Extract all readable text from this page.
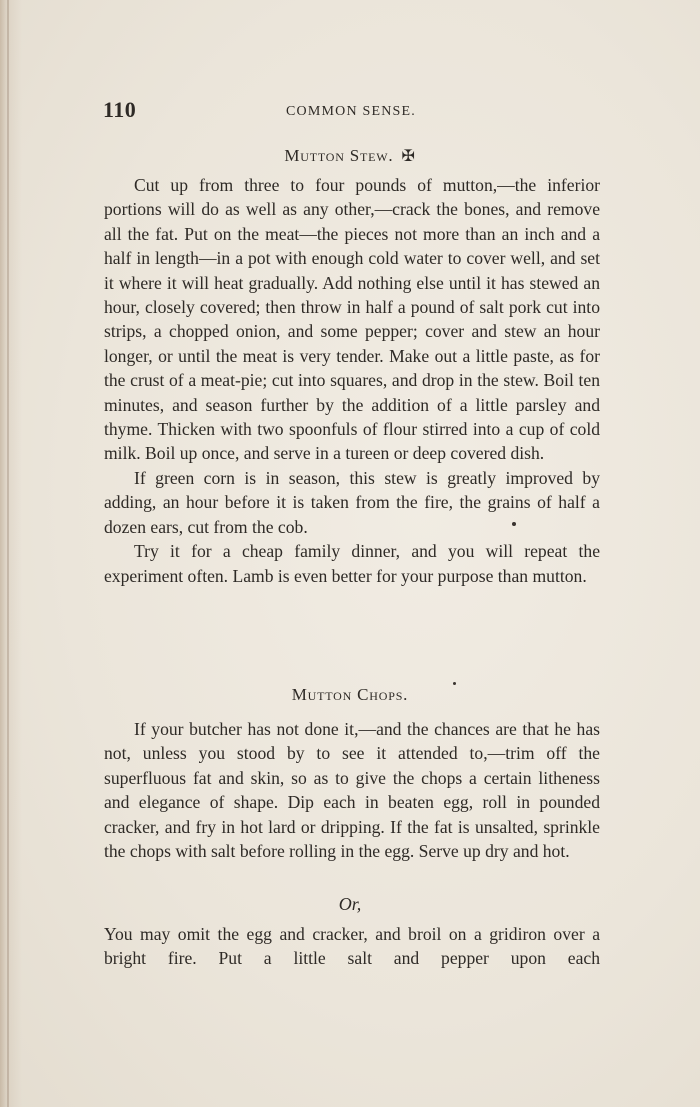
110	COMMON SENSE.
Mutton Stew. ✠

Cut up from three to four pounds of mutton,—the inferior portions will do as well as any other,—crack the bones, and remove all the fat. Put on the meat—the pieces not more than an inch and a half in length—in a pot with enough cold water to cover well, and set it where it will heat gradually. Add nothing else until it has stewed an hour, closely covered; then throw in half a pound of salt pork cut into strips, a chopped onion, and some pepper; cover and stew an hour longer, or until the meat is very tender. Make out a little paste, as for the crust of a meat-pie; cut into squares, and drop in the stew. Boil ten minutes, and season further by the addition of a little parsley and thyme. Thicken with two spoonfuls of flour stirred into a cup of cold milk. Boil up once, and serve in a tureen or deep covered dish.

If green corn is in season, this stew is greatly improved by adding, an hour before it is taken from the fire, the grains of half a dozen ears, cut from the cob.

Try it for a cheap family dinner, and you will repeat the experiment often. Lamb is even better for your purpose than mutton.

Mutton Chops.

If your butcher has not done it,—and the chances are that he has not, unless you stood by to see it attended to,—trim off the superfluous fat and skin, so as to give the chops a certain litheness and elegance of shape. Dip each in beaten egg, roll in pounded cracker, and fry in hot lard or dripping. If the fat is unsalted, sprinkle the chops with salt before rolling in the egg. Serve up dry and hot.

Or,

You may omit the egg and cracker, and broil on a gridiron over a bright fire. Put a little salt and pepper upon each
